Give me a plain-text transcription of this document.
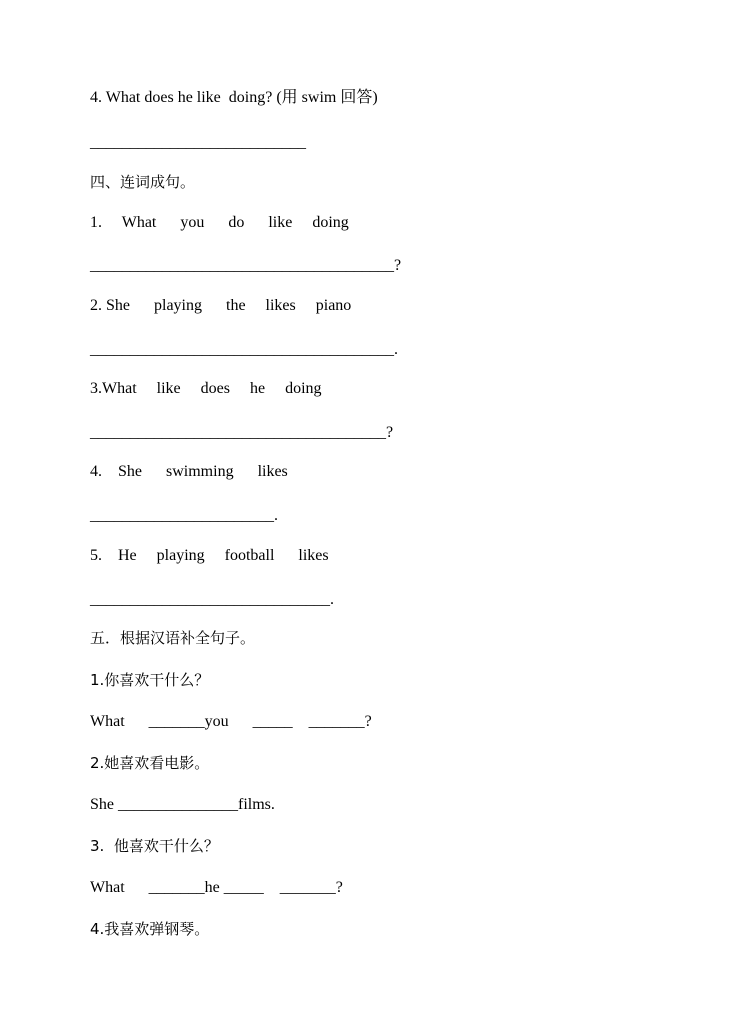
4. What does he like  doing? (用 swim 回答)

___________________________

四、连词成句。

1.     What      you      do      like     doing

______________________________________?

2. She      playing      the     likes     piano

______________________________________.

3.What     like     does     he     doing

_____________________________________?

4.    She      swimming      likes

_______________________.

5.    He     playing     football      likes

______________________________.

五．根据汉语补全句子。

1.你喜欢干什么？

What      _______you      _____    _______?

2.她喜欢看电影。

She _______________films.

3.  他喜欢干什么？

What      _______he _____    _______?

4.我喜欢弹钢琴。
